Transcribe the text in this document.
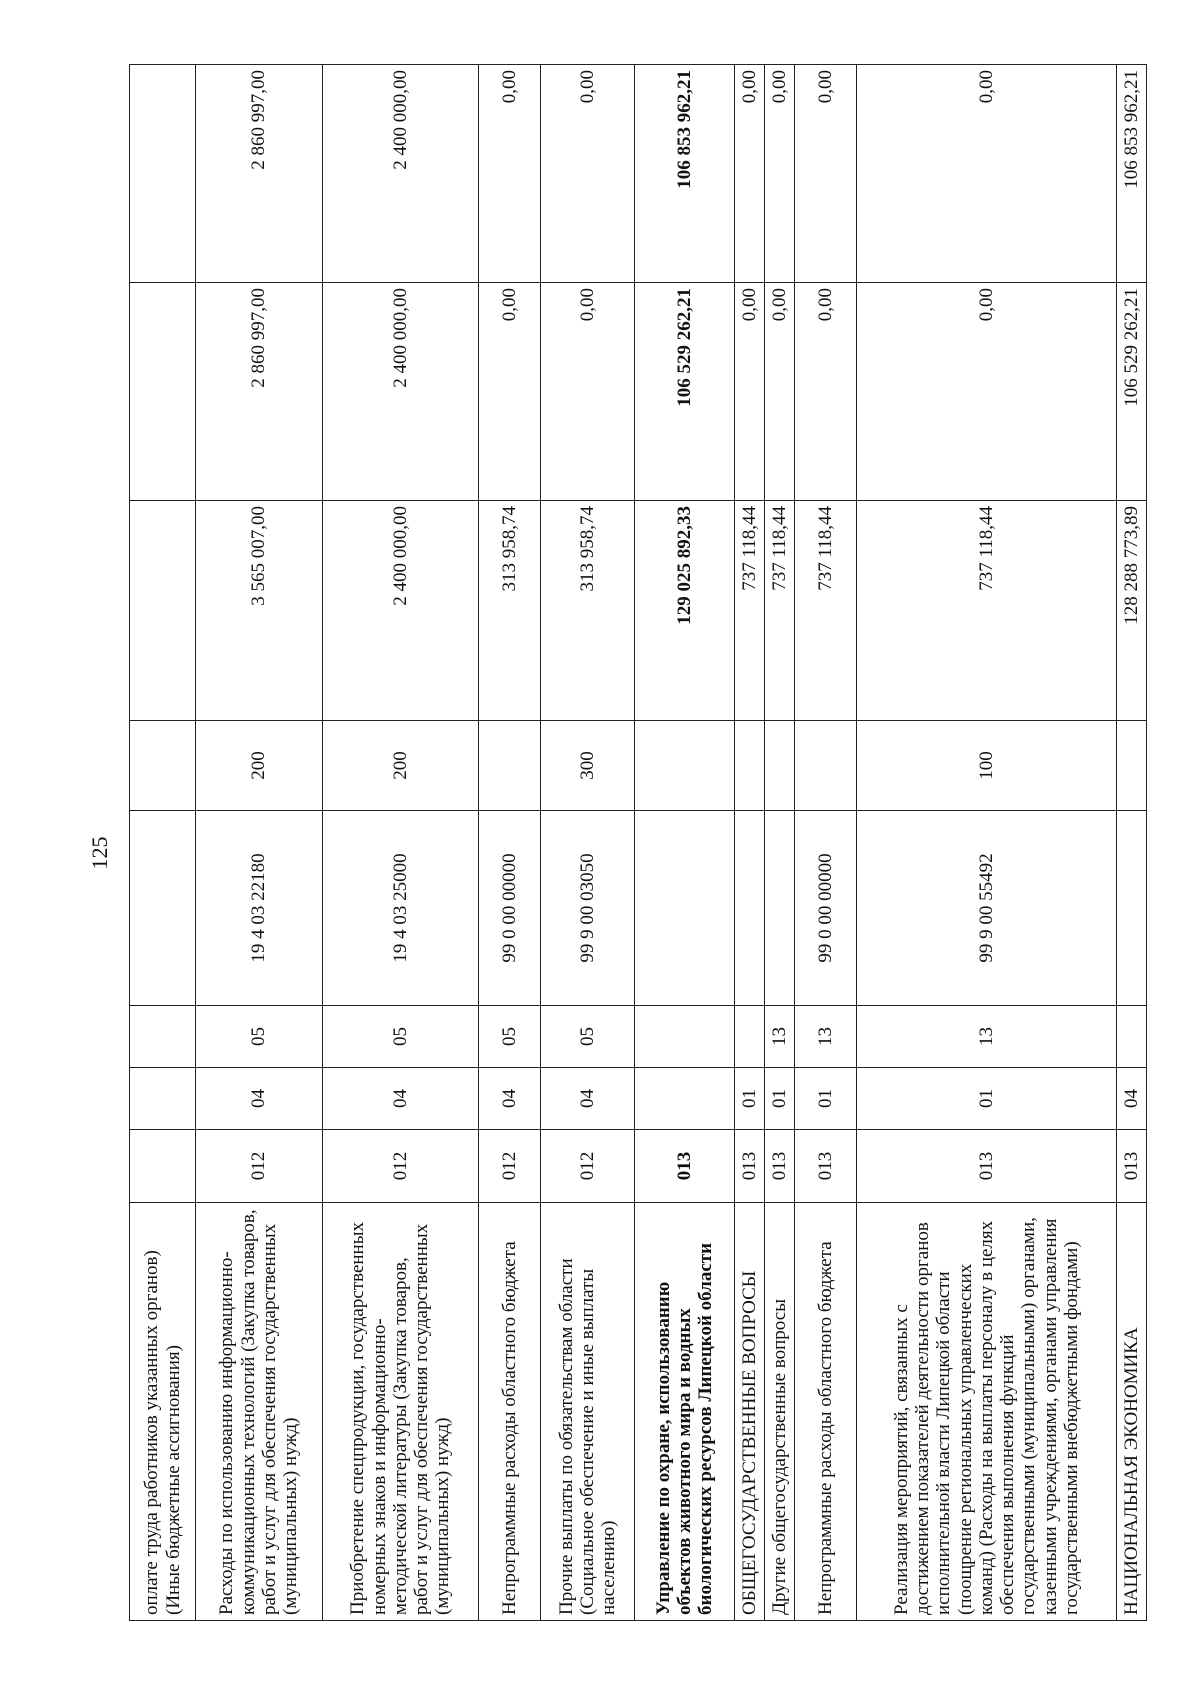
125
оплате труда работников указанных органов) (Иные бюджетные ассигнования)								
Расходы по использованию информационно-коммуникационных технологий (Закупка товаров, работ и услуг для обеспечения государственных (муниципальных) нужд)	012	04	05	19 4 03 22180	200	3 565 007,00	2 860 997,00	2 860 997,00
Приобретение спецпродукции, государственных номерных знаков и информационно-методической литературы (Закупка товаров, работ и услуг для обеспечения государственных (муниципальных) нужд)	012	04	05	19 4 03 25000	200	2 400 000,00	2 400 000,00	2 400 000,00
Непрограммные расходы областного бюджета	012	04	05	99 0 00 00000		313 958,74	0,00	0,00
Прочие выплаты по обязательствам области (Социальное обеспечение и иные выплаты населению)	012	04	05	99 9 00 03050	300	313 958,74	0,00	0,00
Управление по охране, использованию объектов животного мира и водных биологических ресурсов Липецкой области	013					129 025 892,33	106 529 262,21	106 853 962,21
ОБЩЕГОСУДАРСТВЕННЫЕ ВОПРОСЫ	013	01				737 118,44	0,00	0,00
Другие общегосударственные вопросы	013	01	13			737 118,44	0,00	0,00
Непрограммные расходы областного бюджета	013	01	13	99 0 00 00000		737 118,44	0,00	0,00
Реализация мероприятий, связанных с достижением показателей деятельности органов исполнительной власти Липецкой области (поощрение региональных управленческих команд) (Расходы на выплаты персоналу в целях обеспечения выполнения функций государственными (муниципальными) органами, казенными учреждениями, органами управления государственными внебюджетными фондами)	013	01	13	99 9 00 55492	100	737 118,44	0,00	0,00
НАЦИОНАЛЬНАЯ ЭКОНОМИКА	013	04				128 288 773,89	106 529 262,21	106 853 962,21
